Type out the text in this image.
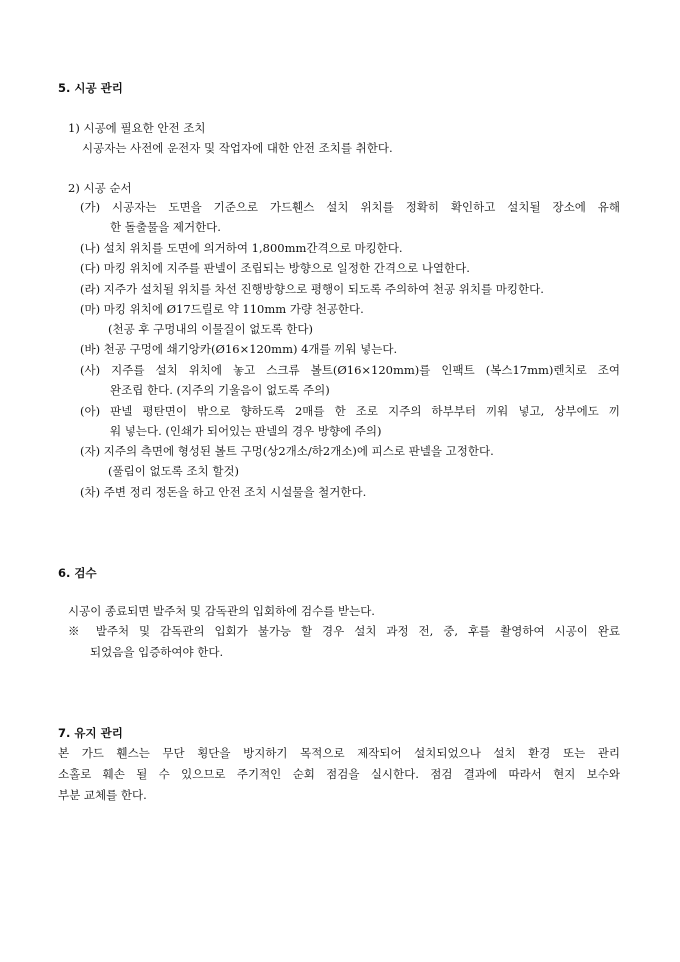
5. 시공 관리
1) 시공에 필요한 안전 조치
시공자는 사전에 운전자 및 작업자에 대한 안전 조치를 취한다.
2) 시공 순서
(가) 시공자는 도면을 기준으로 가드휀스 설치 위치를 정확히 확인하고 설치될 장소에 유해
한 돌출물을 제거한다.
(나) 설치 위치를 도면에 의거하여 1,800mm간격으로 마킹한다.
(다) 마킹 위치에 지주를 판넬이 조립되는 방향으로 일정한 간격으로 나열한다.
(라) 지주가 설치될 위치를 차선 진행방향으로 평행이 되도록 주의하여 천공 위치를 마킹한다.
(마) 마킹 위치에 Ø17드릴로 약 110mm 가량 천공한다.
(천공 후 구멍내의 이물질이 없도록 한다)
(바) 천공 구멍에 쇄기앙카(Ø16×120mm) 4개를 끼워 넣는다.
(사) 지주를 설치 위치에 놓고 스크류 볼트(Ø16×120mm)를 인팩트 (복스17mm)렌치로 조여
완조립 한다. (지주의 기울음이 없도록 주의)
(아) 판넬 평탄면이 밖으로 향하도록 2매를 한 조로 지주의 하부부터 끼워 넣고, 상부에도 끼
워 넣는다. (인쇄가 되어있는 판넬의 경우 방향에 주의)
(자) 지주의 측면에 형성된 볼트 구멍(상2개소/하2개소)에 피스로 판넬을 고정한다.
(풀림이 없도록 조치 할것)
(차) 주변 정리 정돈을 하고 안전 조치 시설물을 철거한다.
6. 검수
시공이 종료되면 발주처 및 감독관의 입회하에 검수를 받는다.
※ 발주처 및 감독관의 입회가 불가능 할 경우 설치 과정 전, 중, 후를 촬영하여 시공이 완료
되었음을 입증하여야 한다.
7. 유지 관리
본 가드 휀스는 무단 횡단을 방지하기 목적으로 제작되어 설치되었으나 설치 환경 또는 관리
소홀로 훼손 될 수 있으므로 주기적인 순회 점검을 실시한다. 점검 결과에 따라서 현지 보수와
부분 교체를 한다.
